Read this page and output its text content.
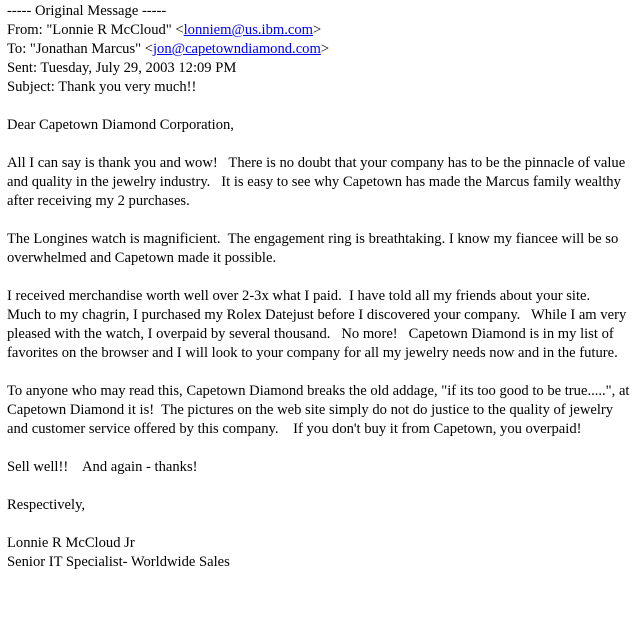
----- Original Message -----
From: "Lonnie R McCloud" <lonniem@us.ibm.com>
To: "Jonathan Marcus" <jon@capetowndiamond.com>
Sent: Tuesday, July 29, 2003 12:09 PM
Subject: Thank you very much!!

Dear Capetown Diamond Corporation,

All I can say is thank you and wow!   There is no doubt that your company has to be the pinnacle of value and quality in the jewelry industry.   It is easy to see why Capetown has made the Marcus family wealthy after receiving my 2 purchases.

The Longines watch is magnificient.  The engagement ring is breathtaking. I know my fiancee will be so overwhelmed and Capetown made it possible.

I received merchandise worth well over 2-3x what I paid.  I have told all my friends about your site.   Much to my chagrin, I purchased my Rolex Datejust before I discovered your company.   While I am very pleased with the watch, I overpaid by several thousand.   No more!   Capetown Diamond is in my list of favorites on the browser and I will look to your company for all my jewelry needs now and in the future.

To anyone who may read this, Capetown Diamond breaks the old addage, "if its too good to be true.....", at Capetown Diamond it is!  The pictures on the web site simply do not do justice to the quality of jewelry and customer service offered by this company.    If you don't buy it from Capetown, you overpaid!

Sell well!!    And again - thanks!

Respectively,

Lonnie R McCloud Jr

Senior IT Specialist- Worldwide Sales
